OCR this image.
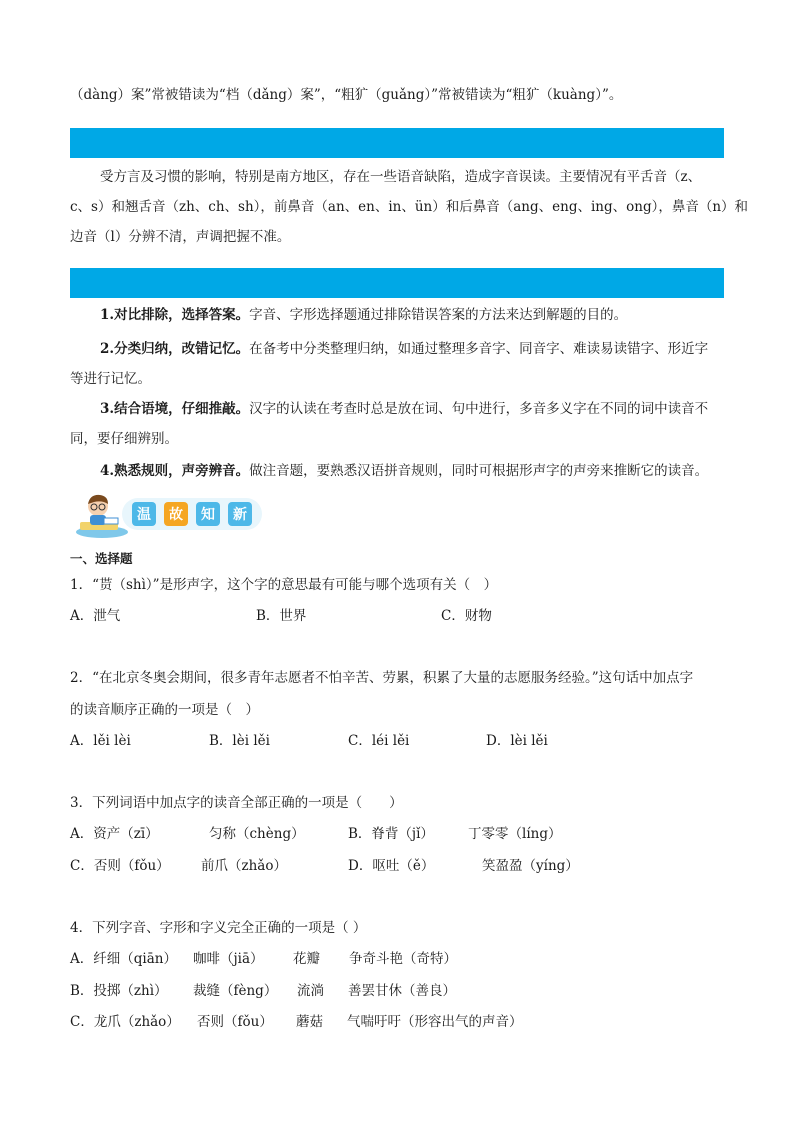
（dàng）案”常被错读为“档（dǎng）案”，“粗犷（guǎng）”常被错读为“粗犷（kuàng）”。
受方言及习惯的影响，特别是南方地区，存在一些语音缺陷，造成字音误读。主要情况有平舌音（z、
c、s）和翘舌音（zh、ch、sh），前鼻音（an、en、in、ün）和后鼻音（ang、eng、ing、ong），鼻音（n）和
边音（l）分辨不清，声调把握不准。
1.对比排除，选择答案。字音、字形选择题通过排除错误答案的方法来达到解题的目的。
2.分类归纳，改错记忆。在备考中分类整理归纳，如通过整理多音字、同音字、难读易读错字、形近字
等进行记忆。
3.结合语境，仔细推敲。汉字的认读在考查时总是放在词、句中进行，多音多义字在不同的词中读音不
同，要仔细辨别。
4.熟悉规则，声旁辨音。做注音题，要熟悉汉语拼音规则，同时可根据形声字的声旁来推断它的读音。
温	故	知	新
一、选择题
1．“贳（shì）”是形声字，这个字的意思最有可能与哪个选项有关（　）
A．泄气	B．世界	C．财物
2．“在北京冬奥会期间，很多青年志愿者不怕辛苦、劳累，积累了大量的志愿服务经验。”这句话中加点字
的读音顺序正确的一项是（　）
A．lěi lèi	B．lèi lěi	C．léi lěi	D．lèi lěi
3．下列词语中加点字的读音全部正确的一项是（　　）
A．资产（zī）	匀称（chèng）	B．脊背（jǐ）	丁零零（líng）
C．否则（fǒu） 前爪（zhǎo）	D．呕吐（ě）	笑盈盈（yíng）
4．下列字音、字形和字义完全正确的一项是（ ）
A．纤细（qiān） 咖啡（jiā） 花瓣 争奇斗艳（奇特）
B．投掷（zhì） 裁缝（fèng） 流淌 善罢甘休（善良）
C．龙爪（zhǎo） 否则（fǒu） 蘑菇 气喘吁吁（形容出气的声音）
